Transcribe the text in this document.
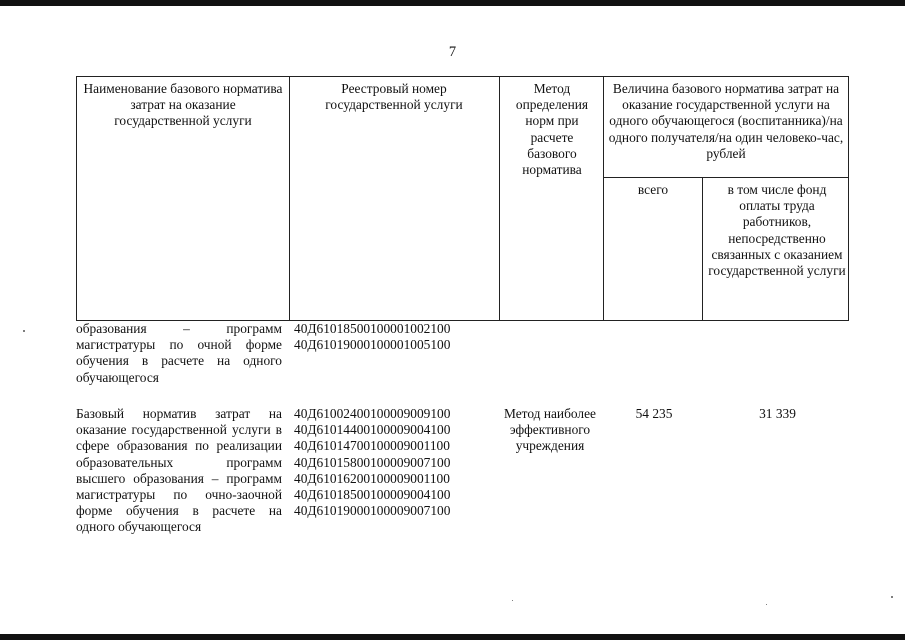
7
Наименование базового норматива затрат на оказание государственной услуги
Реестровый номер государственной услуги
Метод определения норм при расчете базового норматива
Величина базового норматива затрат на оказание государственной услуги на одного обучающегося (воспитанника)/на одного получателя/на один человеко-час, рублей
всего	в том числе фонд оплаты труда работников, непосредственно связанных с оказанием государственной услуги
образования – программ магистратуры по очной форме обучения в расчете на одного обучающегося
40Д61018500100001002100
40Д61019000100001005100
Базовый норматив затрат на оказание государственной услуги в сфере образования по реализации образовательных программ высшего образования – программ магистратуры по очно-заочной форме обучения в расчете на одного обучающегося
40Д61002400100009009100
40Д61014400100009004100
40Д61014700100009001100
40Д61015800100009007100
40Д61016200100009001100
40Д61018500100009004100
40Д61019000100009007100
Метод наиболее эффективного учреждения
54 235	31 339
